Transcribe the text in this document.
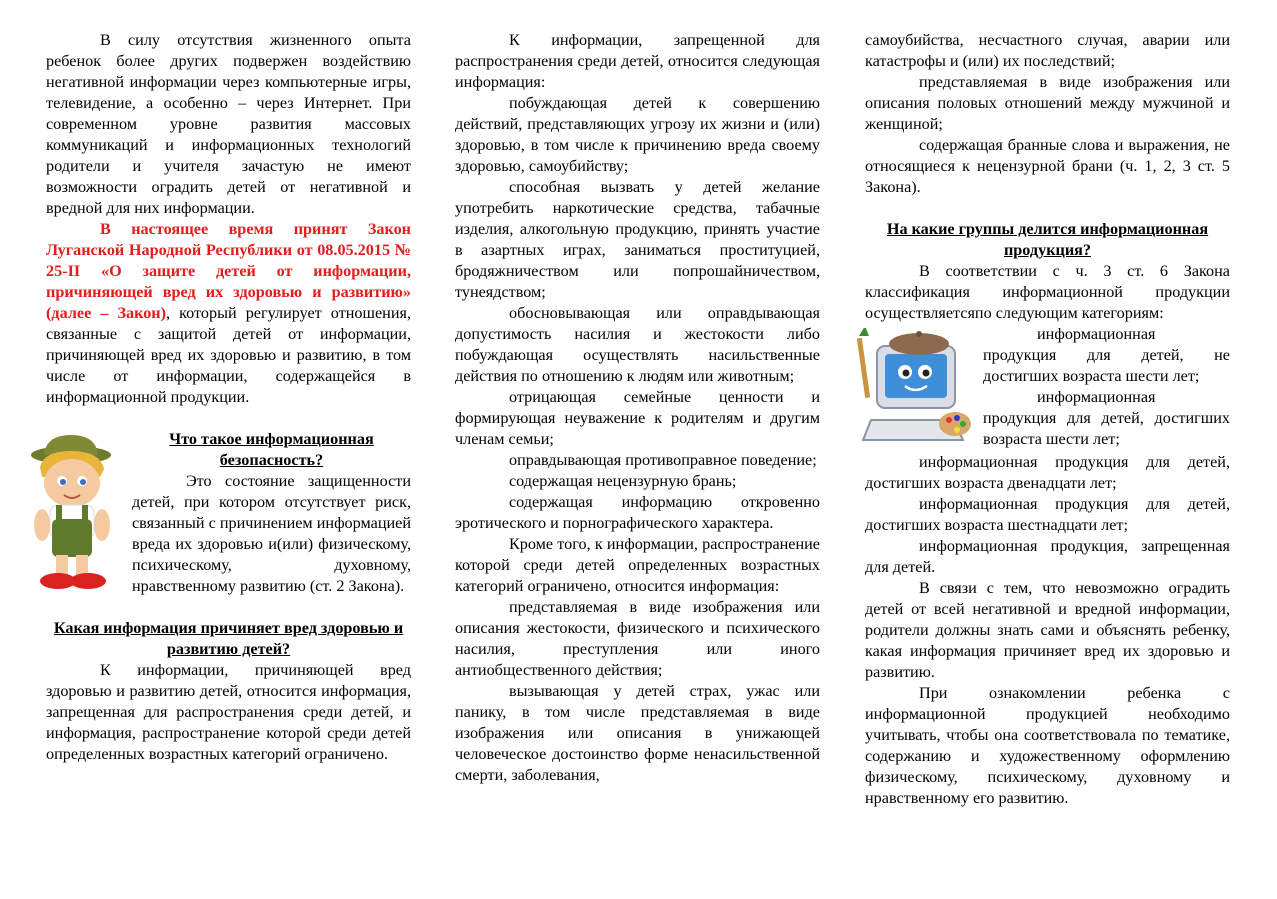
В силу отсутствия жизненного опыта ребенок более других подвержен воздействию негативной информации через компьютерные игры, телевидение, а особенно – через Интернет. При современном уровне развития массовых коммуникаций и информационных технологий родители и учителя зачастую не имеют возможности оградить детей от негативной и вредной для них информации.

В настоящее время принят Закон Луганской Народной Республики от 08.05.2015 № 25-II «О защите детей от информации, причиняющей вред их здоровью и развитию» (далее – Закон), который регулирует отношения, связанные с защитой детей от информации, причиняющей вред их здоровью и развитию, в том числе от информации, содержащейся в информационной продукции.

Что такое информационная безопасность?

Это состояние защищенности детей, при котором отсутствует риск, связанный с причинением информацией вреда их здоровью и(или) физическому, психическому, духовному, нравственному развитию (ст. 2 Закона).

Какая информация причиняет вред здоровью и развитию детей?

К информации, причиняющей вред здоровью и развитию детей, относится информация, запрещенная для распространения среди детей, и информация, распространение которой среди детей определенных возрастных категорий ограничено.

К информации, запрещенной для распространения среди детей, относится следующая информация:

побуждающая детей к совершению действий, представляющих угрозу их жизни и (или) здоровью, в том числе к причинению вреда своему здоровью, самоубийству;

способная вызвать у детей желание употребить наркотические средства, табачные изделия, алкогольную продукцию, принять участие в азартных играх, заниматься проституцией, бродяжничеством или попрошайничеством, тунеядством;

обосновывающая или оправдывающая допустимость насилия и жестокости либо побуждающая осуществлять насильственные действия по отношению к людям или животным;

отрицающая семейные ценности и формирующая неуважение к родителям и другим членам семьи;

оправдывающая противоправное поведение;

содержащая нецензурную брань;

содержащая информацию откровенно эротического и порнографического характера.

Кроме того, к информации, распространение которой среди детей определенных возрастных категорий ограничено, относится информация:

представляемая в виде изображения или описания жестокости, физического и психического насилия, преступления или иного антиобщественного действия;

вызывающая у детей страх, ужас или панику, в том числе представляемая в виде изображения или описания в унижающей человеческое достоинство форме ненасильственной смерти, заболевания,

самоубийства, несчастного случая, аварии или катастрофы и (или) их последствий;

представляемая в виде изображения или описания половых отношений между мужчиной и женщиной;

содержащая бранные слова и выражения, не относящиеся к нецензурной брани (ч. 1, 2, 3 ст. 5 Закона).

На какие группы делится информационная продукция?

В соответствии с ч. 3 ст. 6 Закона классификация информационной продукции осуществляетсяпо следующим категориям:

информационная продукция для детей, не достигших возраста шести лет;

информационная продукция для детей, достигших возраста шести лет;

информационная продукция для детей, достигших возраста двенадцати лет;

информационная продукция для детей, достигших возраста шестнадцати лет;

информационная продукция, запрещенная для детей.

В связи с тем, что невозможно оградить детей от всей негативной и вредной информации, родители должны знать сами и объяснять ребенку, какая информация причиняет вред их здоровью и развитию.

При ознакомлении ребенка с информационной продукцией необходимо учитывать, чтобы она соответствовала по тематике, содержанию и художественному оформлению физическому, психическому, духовному и нравственному его развитию.
